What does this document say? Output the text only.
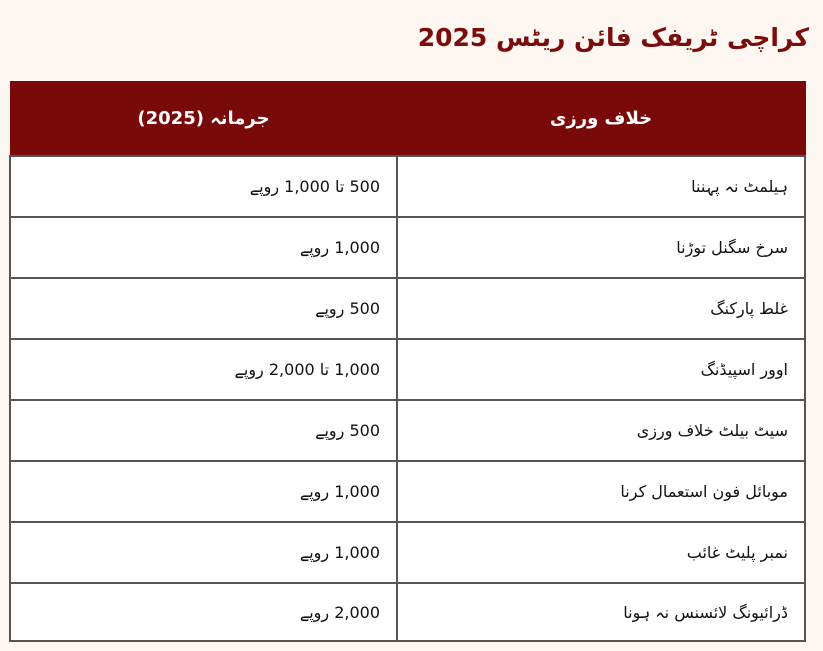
کراچی ٹریفک فائن ریٹس 2025
خلاف ورزی	جرمانہ (2025)
ہیلمٹ نہ پہننا	500 تا 1,000 روپے
سرخ سگنل توڑنا	1,000 روپے
غلط پارکنگ	500 روپے
اوور اسپیڈنگ	1,000 تا 2,000 روپے
سیٹ بیلٹ خلاف ورزی	500 روپے
موبائل فون استعمال کرنا	1,000 روپے
نمبر پلیٹ غائب	1,000 روپے
ڈرائیونگ لائسنس نہ ہونا	2,000 روپے
